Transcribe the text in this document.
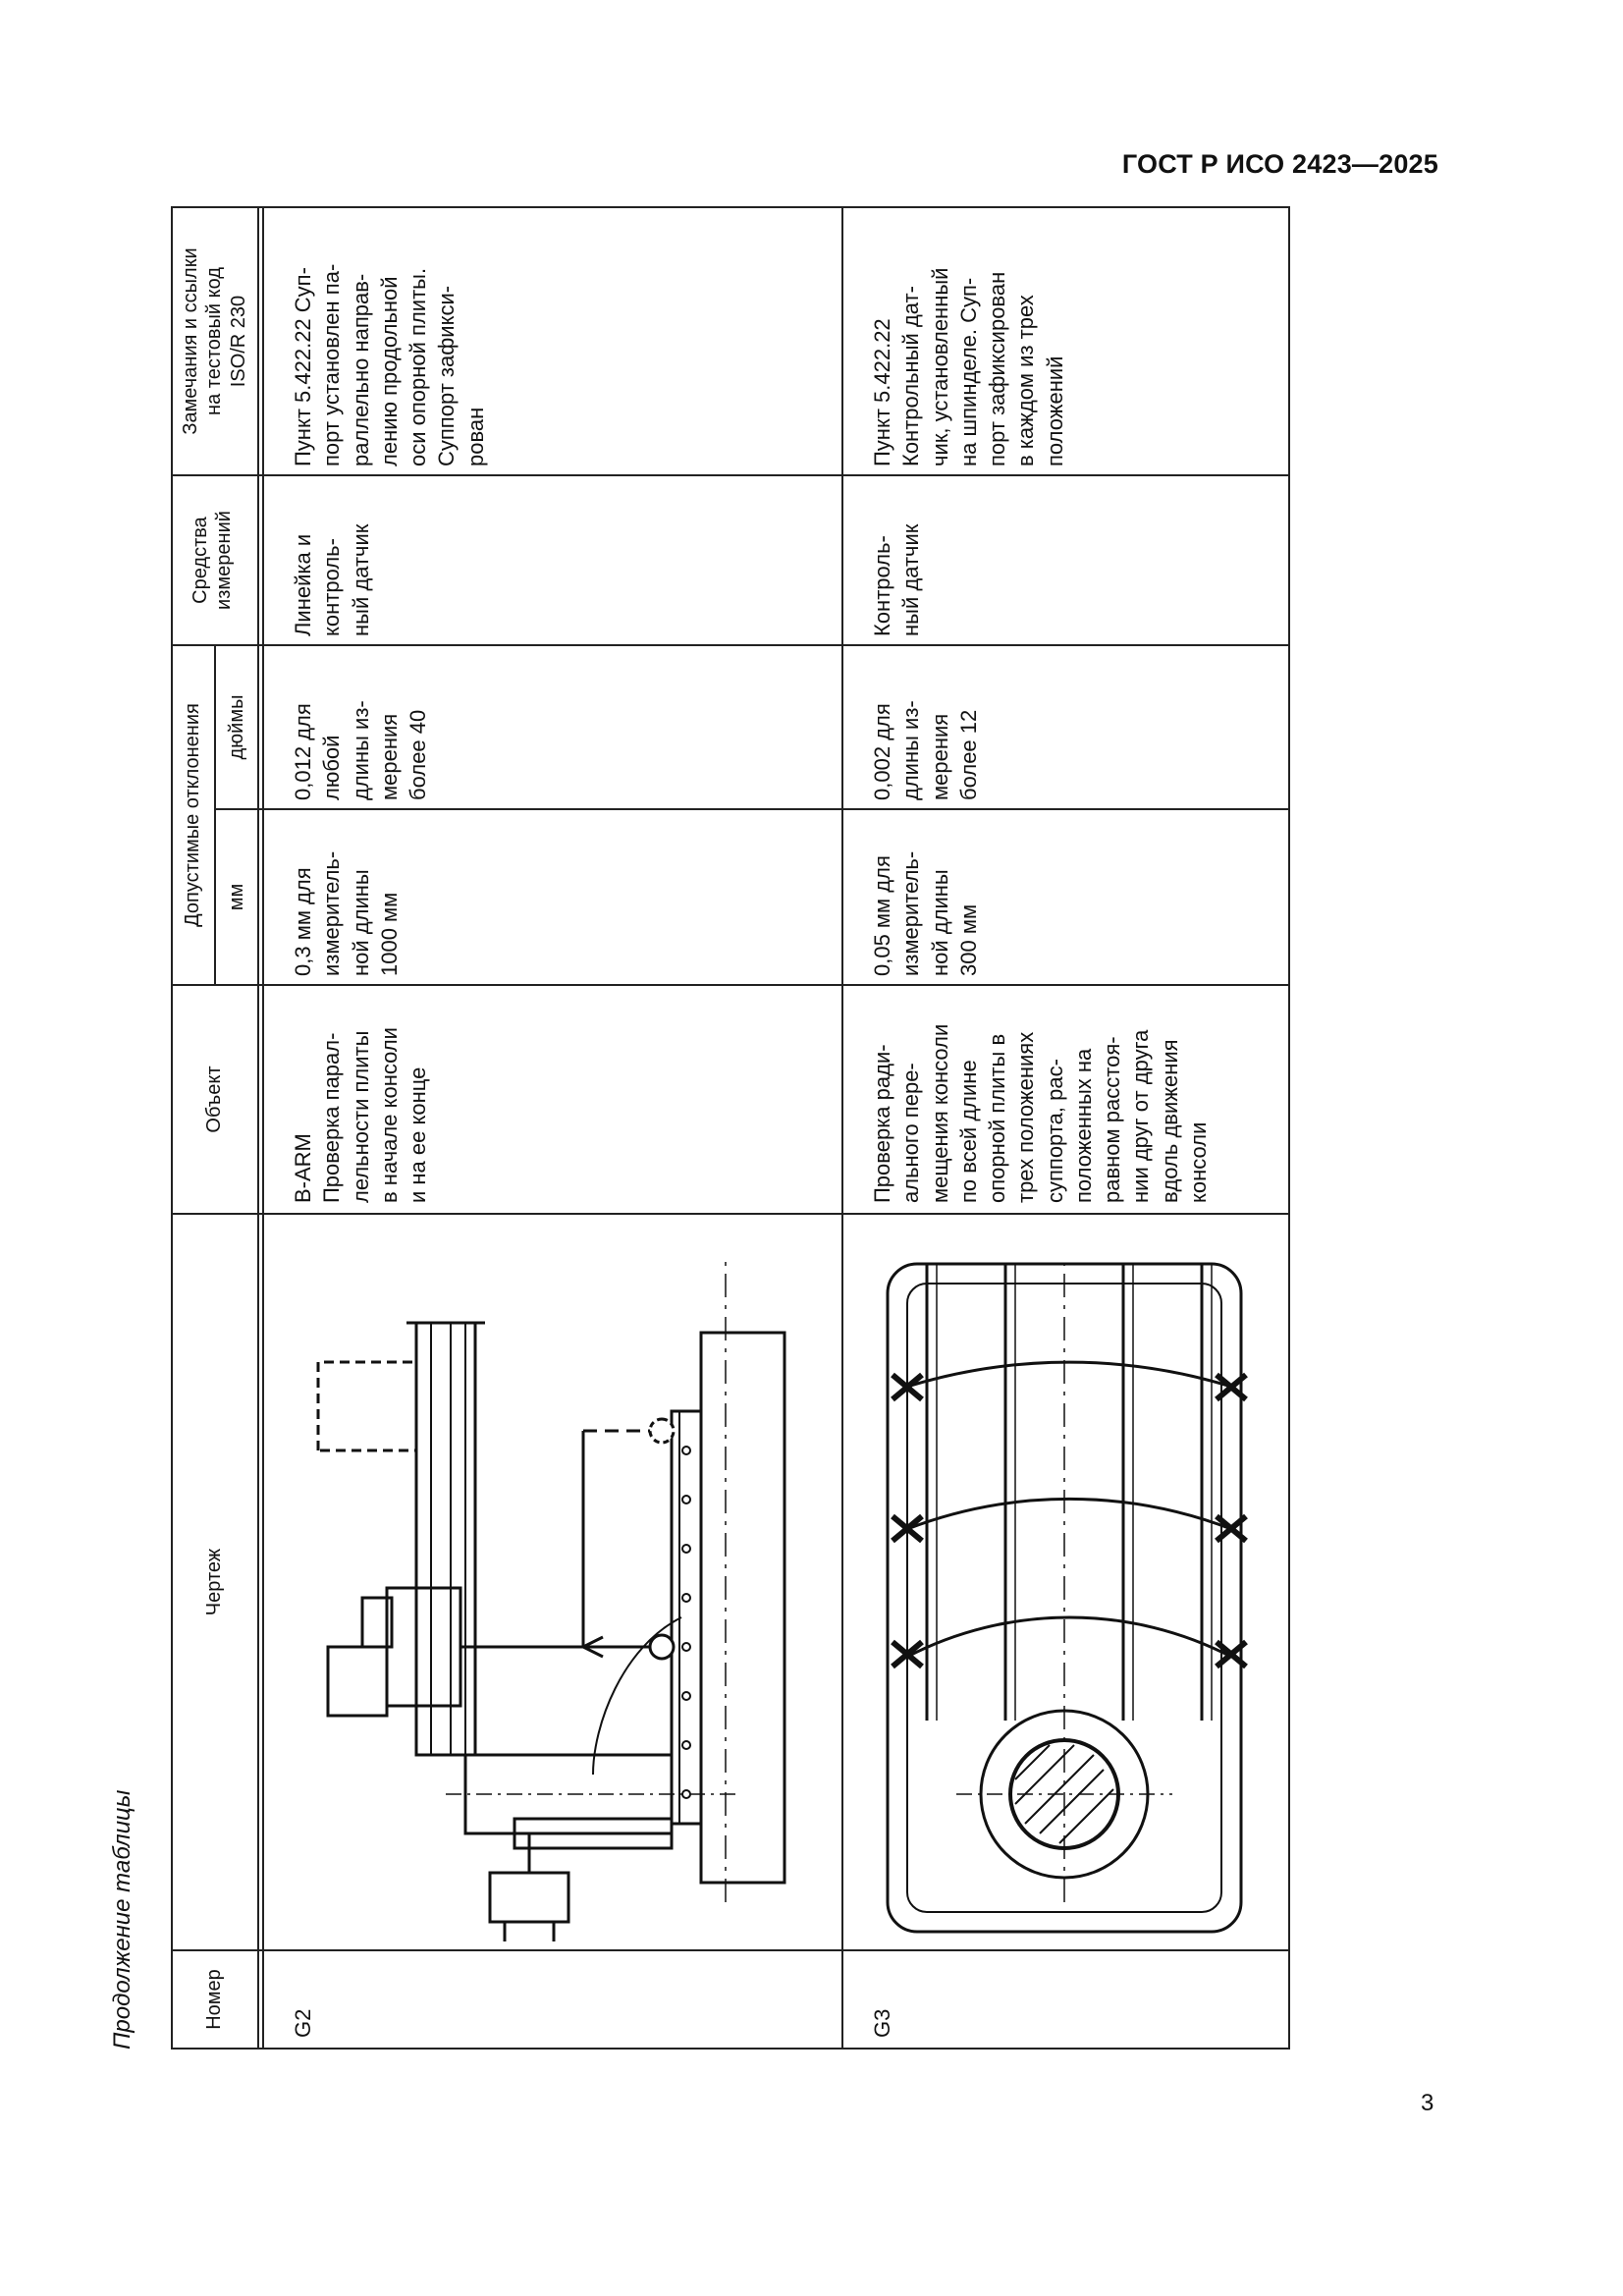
ГОСТ Р ИСО 2423—2025
3
Продолжение таблицы	Номер
Чертеж
Объект
Допустимые отклонения	мм
дюймы
Средства
измерений
Замечания и ссылки
на тестовый код
ISO/R 230
G2
B-ARM
Проверка парал-
лельности плиты
в начале консоли
и на ее конце
0,3 мм для
измеритель-
ной длины
1000 мм
0,012 для
любой
длины из-
мерения
более 40
Линейка и
контроль-
ный датчик
Пункт 5.422.22 Суп-
порт установлен па-
раллельно направ-
лению продольной
оси опорной плиты.
Суппорт зафикси-
рован
G3
Проверка ради-
ального пере-
мещения консоли
по всей длине
опорной плиты в
трех положениях
суппорта, рас-
положенных на
равном расстоя-
нии друг от друга
вдоль движения
консоли
0,05 мм для
измеритель-
ной длины
300 мм
0,002 для
длины из-
мерения
более 12
Контроль-
ный датчик
Пункт 5.422.22
Контрольный дат-
чик, установленный
на шпинделе. Суп-
порт зафиксирован
в каждом из трех
положений
